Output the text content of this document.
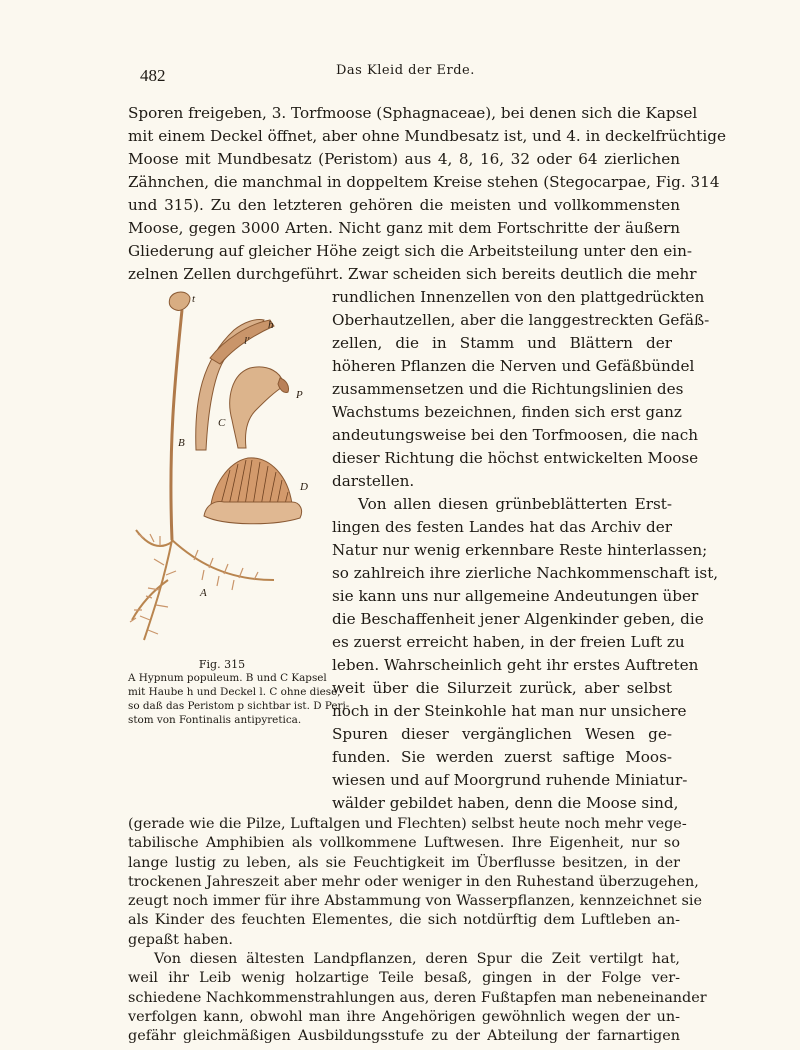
482	Das Kleid der Erde.
Sporen freigeben, 3. Torfmoose (Sphagnaceae), bei denen sich die Kapsel
mit einem Deckel öffnet, aber ohne Mundbesatz ist, und 4. in deckelfrüchtige
Moose mit Mundbesatz (Peristom) aus 4, 8, 16, 32 oder 64 zierlichen
Zähnchen, die manchmal in doppeltem Kreise stehen (Stegocarpae, Fig. 314
und 315). Zu den letzteren gehören die meisten und vollkommensten
Moose, gegen 3000 Arten. Nicht ganz mit dem Fortschritte der äußern
Gliederung auf gleicher Höhe zeigt sich die Arbeitsteilung unter den ein-
zelnen Zellen durchgeführt. Zwar scheiden sich bereits deutlich die mehr
rundlichen Innenzellen von den plattgedrückten
Oberhautzellen, aber die langgestreckten Gefäß-
zellen, die in Stamm und Blättern der
höheren Pflanzen die Nerven und Gefäßbündel
zusammensetzen und die Richtungslinien des
Wachstums bezeichnen, finden sich erst ganz
andeutungsweise bei den Torfmoosen, die nach
dieser Richtung die höchst entwickelten Moose
darstellen.
Von allen diesen grünbeblätterten Erst-
lingen des festen Landes hat das Archiv der
Natur nur wenig erkennbare Reste hinterlassen;
so zahlreich ihre zierliche Nachkommenschaft ist,
sie kann uns nur allgemeine Andeutungen über
die Beschaffenheit jener Algenkinder geben, die
es zuerst erreicht haben, in der freien Luft zu
leben. Wahrscheinlich geht ihr erstes Auftreten
weit über die Silurzeit zurück, aber selbst
noch in der Steinkohle hat man nur unsichere
Spuren dieser vergänglichen Wesen ge-
funden. Sie werden zuerst saftige Moos-
wiesen und auf Moorgrund ruhende Miniatur-
wälder gebildet haben, denn die Moose sind,
t
h
l'
P
C
B
D
A
Fig. 315
A Hypnum populeum. B und C Kapsel
mit Haube h und Deckel l. C ohne diese,
so daß das Peristom p sichtbar ist. D Peri-
stom von Fontinalis antipyretica.
(gerade wie die Pilze, Luftalgen und Flechten) selbst heute noch mehr vege-
tabilische Amphibien als vollkommene Luftwesen. Ihre Eigenheit, nur so
lange lustig zu leben, als sie Feuchtigkeit im Überflusse besitzen, in der
trockenen Jahreszeit aber mehr oder weniger in den Ruhestand überzugehen,
zeugt noch immer für ihre Abstammung von Wasserpflanzen, kennzeichnet sie
als Kinder des feuchten Elementes, die sich notdürftig dem Luftleben an-
gepaßt haben.
Von diesen ältesten Landpflanzen, deren Spur die Zeit vertilgt hat,
weil ihr Leib wenig holzartige Teile besaß, gingen in der Folge ver-
schiedene Nachkommenstrahlungen aus, deren Fußtapfen man nebeneinander
verfolgen kann, obwohl man ihre Angehörigen gewöhnlich wegen der un-
gefähr gleichmäßigen Ausbildungsstufe zu der Abteilung der farnartigen
